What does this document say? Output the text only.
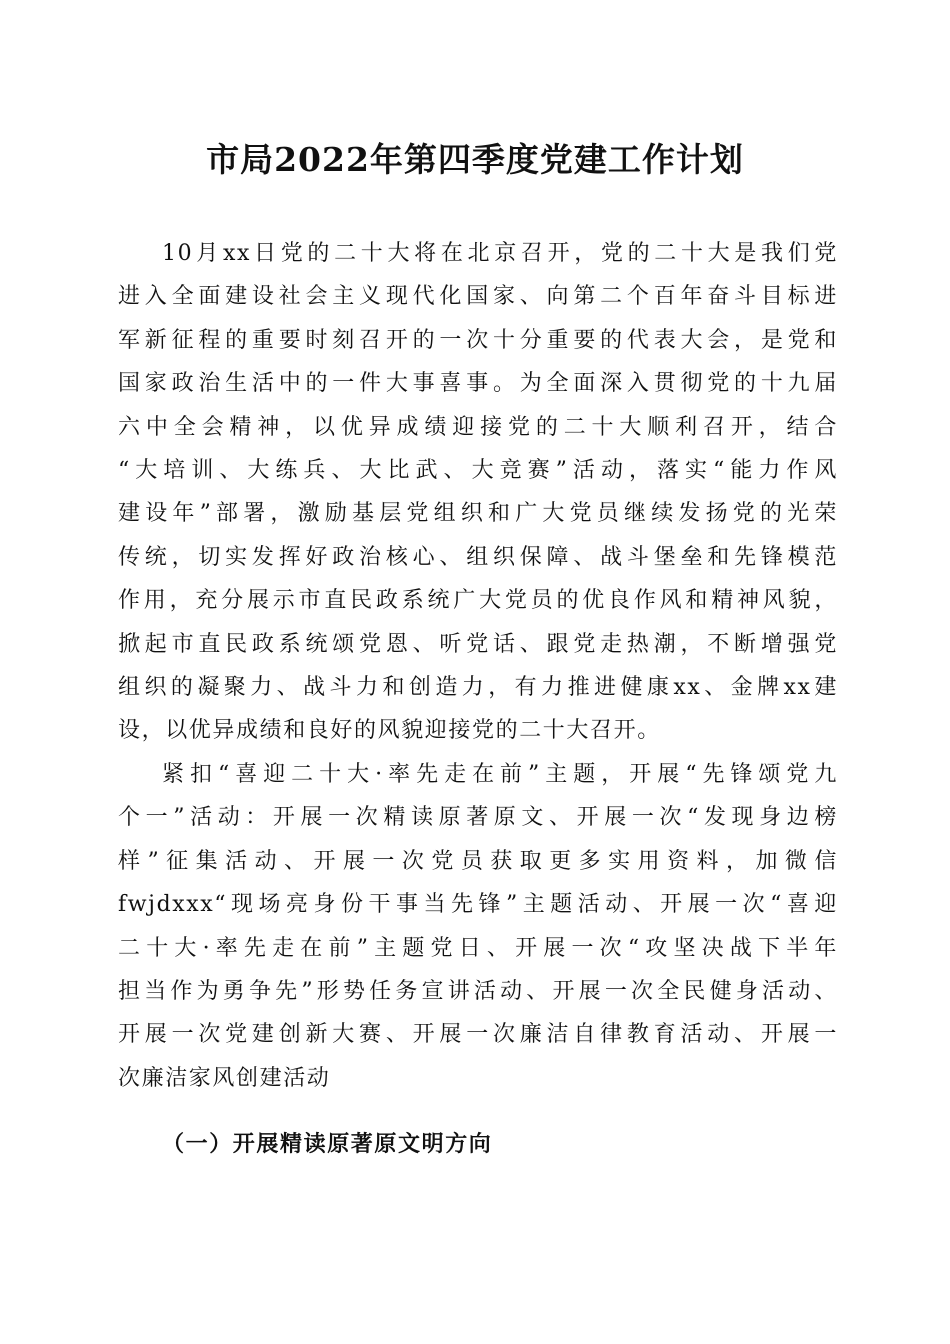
市局2022年第四季度党建工作计划
10月xx日党的二十大将在北京召开，党的二十大是我们党
进入全面建设社会主义现代化国家、向第二个百年奋斗目标进
军新征程的重要时刻召开的一次十分重要的代表大会，是党和
国家政治生活中的一件大事喜事。为全面深入贯彻党的十九届
六中全会精神，以优异成绩迎接党的二十大顺利召开，结合
“大培训、大练兵、大比武、大竞赛”活动，落实“能力作风
建设年”部署，激励基层党组织和广大党员继续发扬党的光荣
传统，切实发挥好政治核心、组织保障、战斗堡垒和先锋模范
作用，充分展示市直民政系统广大党员的优良作风和精神风貌，
掀起市直民政系统颂党恩、听党话、跟党走热潮，不断增强党
组织的凝聚力、战斗力和创造力，有力推进健康xx、金牌xx建
设，以优异成绩和良好的风貌迎接党的二十大召开。
紧扣“喜迎二十大·率先走在前”主题，开展“先锋颂党九
个一”活动：开展一次精读原著原文、开展一次“发现身边榜
样”征集活动、开展一次党员获取更多实用资料，加微信
fwjdxxx“现场亮身份干事当先锋”主题活动、开展一次“喜迎
二十大·率先走在前”主题党日、开展一次“攻坚决战下半年
担当作为勇争先”形势任务宣讲活动、开展一次全民健身活动、
开展一次党建创新大赛、开展一次廉洁自律教育活动、开展一
次廉洁家风创建活动
（一）开展精读原著原文明方向
